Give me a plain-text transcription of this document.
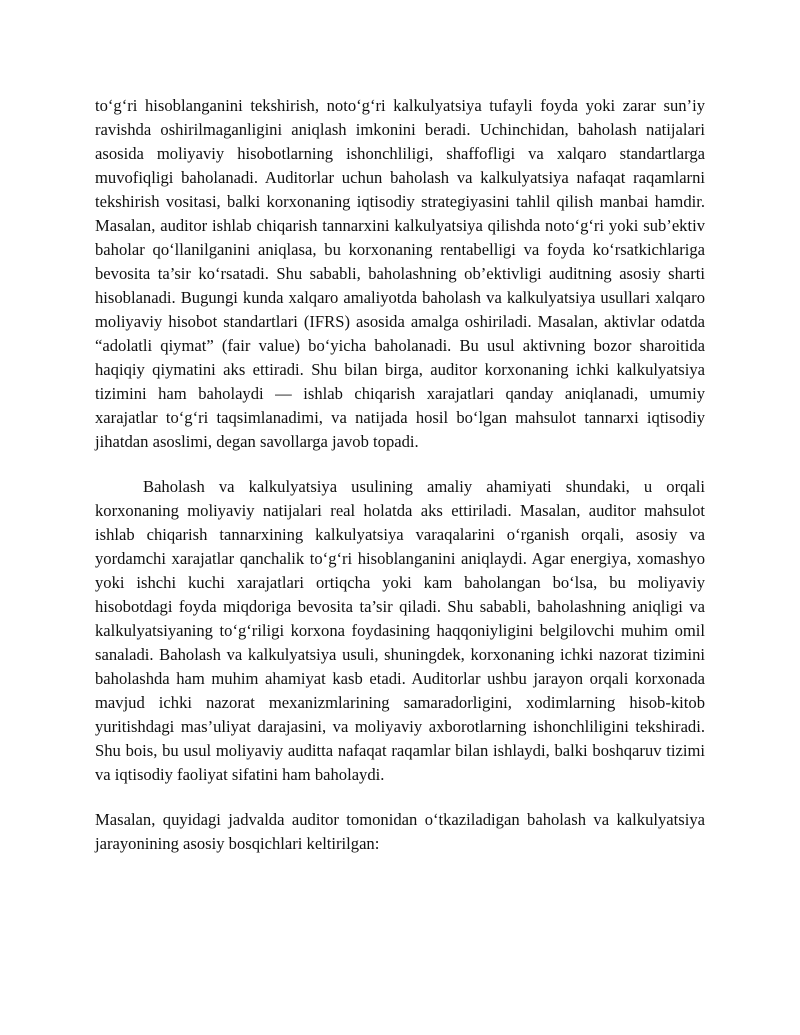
to‘g‘ri hisoblanganini tekshirish, noto‘g‘ri kalkulyatsiya tufayli foyda yoki zarar sun’iy ravishda oshirilmaganligini aniqlash imkonini beradi. Uchinchidan, baholash natijalari asosida moliyaviy hisobotlarning ishonchliligi, shaffofligi va xalqaro standartlarga muvofiqligi baholanadi. Auditorlar uchun baholash va kalkulyatsiya nafaqat raqamlarni tekshirish vositasi, balki korxonaning iqtisodiy strategiyasini tahlil qilish manbai hamdir. Masalan, auditor ishlab chiqarish tannarxini kalkulyatsiya qilishda noto‘g‘ri yoki sub’ektiv baholar qo‘llanilganini aniqlasa, bu korxonaning rentabelligi va foyda ko‘rsatkichlariga bevosita ta’sir ko‘rsatadi. Shu sababli, baholashning ob’ektivligi auditning asosiy sharti hisoblanadi. Bugungi kunda xalqaro amaliyotda baholash va kalkulyatsiya usullari xalqaro moliyaviy hisobot standartlari (IFRS) asosida amalga oshiriladi. Masalan, aktivlar odatda “adolatli qiymat” (fair value) bo‘yicha baholanadi. Bu usul aktivning bozor sharoitida haqiqiy qiymatini aks ettiradi. Shu bilan birga, auditor korxonaning ichki kalkulyatsiya tizimini ham baholaydi — ishlab chiqarish xarajatlari qanday aniqlanadi, umumiy xarajatlar to‘g‘ri taqsimlanadimi, va natijada hosil bo‘lgan mahsulot tannarxi iqtisodiy jihatdan asoslimi, degan savollarga javob topadi.

Baholash va kalkulyatsiya usulining amaliy ahamiyati shundaki, u orqali korxonaning moliyaviy natijalari real holatda aks ettiriladi. Masalan, auditor mahsulot ishlab chiqarish tannarxining kalkulyatsiya varaqalarini o‘rganish orqali, asosiy va yordamchi xarajatlar qanchalik to‘g‘ri hisoblanganini aniqlaydi. Agar energiya, xomashyo yoki ishchi kuchi xarajatlari ortiqcha yoki kam baholangan bo‘lsa, bu moliyaviy hisobotdagi foyda miqdoriga bevosita ta’sir qiladi. Shu sababli, baholashning aniqligi va kalkulyatsiyaning to‘g‘riligi korxona foydasining haqqoniyligini belgilovchi muhim omil sanaladi. Baholash va kalkulyatsiya usuli, shuningdek, korxonaning ichki nazorat tizimini baholashda ham muhim ahamiyat kasb etadi. Auditorlar ushbu jarayon orqali korxonada mavjud ichki nazorat mexanizmlarining samaradorligini, xodimlarning hisob-kitob yuritishdagi mas’uliyat darajasini, va moliyaviy axborotlarning ishonchliligini tekshiradi. Shu bois, bu usul moliyaviy auditta nafaqat raqamlar bilan ishlaydi, balki boshqaruv tizimi va iqtisodiy faoliyat sifatini ham baholaydi.

Masalan, quyidagi jadvalda auditor tomonidan o‘tkaziladigan baholash va kalkulyatsiya jarayonining asosiy bosqichlari keltirilgan:
